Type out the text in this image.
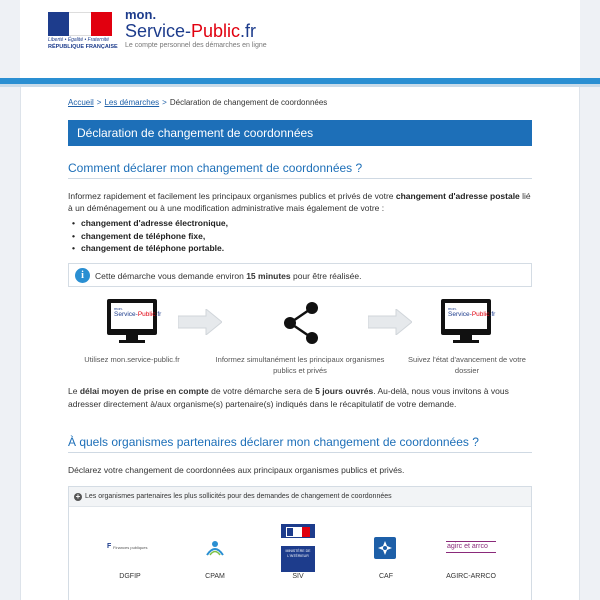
Liberté • Égalité • Fraternité
RÉPUBLIQUE FRANÇAISE
mon.
Service-Public.fr
Le compte personnel des démarches en ligne
Accueil > Les démarches > Déclaration de changement de coordonnées
Déclaration de changement de coordonnées
Comment déclarer mon changement de coordonnées ?
Informez rapidement et facilement les principaux organismes publics et privés de votre changement d'adresse postale lié à un déménagement ou à une modification administrative mais également de votre :
• changement d'adresse électronique,
• changement de téléphone fixe,
• changement de téléphone portable.
i	Cette démarche vous demande environ 15 minutes pour être réalisée.
mon.
Service-Public.fr
mon.
Service-Public.fr
Utilisez mon.service-public.fr	Informez simultanément les principaux organismes publics et privés
Suivez l'état d'avancement de votre dossier
Le délai moyen de prise en compte de votre démarche sera de 5 jours ouvrés. Au-delà, nous vous invitons à vous adresser directement à/aux organisme(s) partenaire(s) indiqués dans le récapitulatif de votre demande.
À quels organismes partenaires déclarer mon changement de coordonnées ?
Déclarez votre changement de coordonnées aux principaux organismes publics et privés.
+ Les organismes partenaires les plus sollicités pour des demandes de changement de coordonnées
F Finances publiques
DGFIP	CPAM
MINISTÈRE DE L'INTÉRIEUR
SIV	CAF
agirc et arrco
AGIRC-ARRCO
